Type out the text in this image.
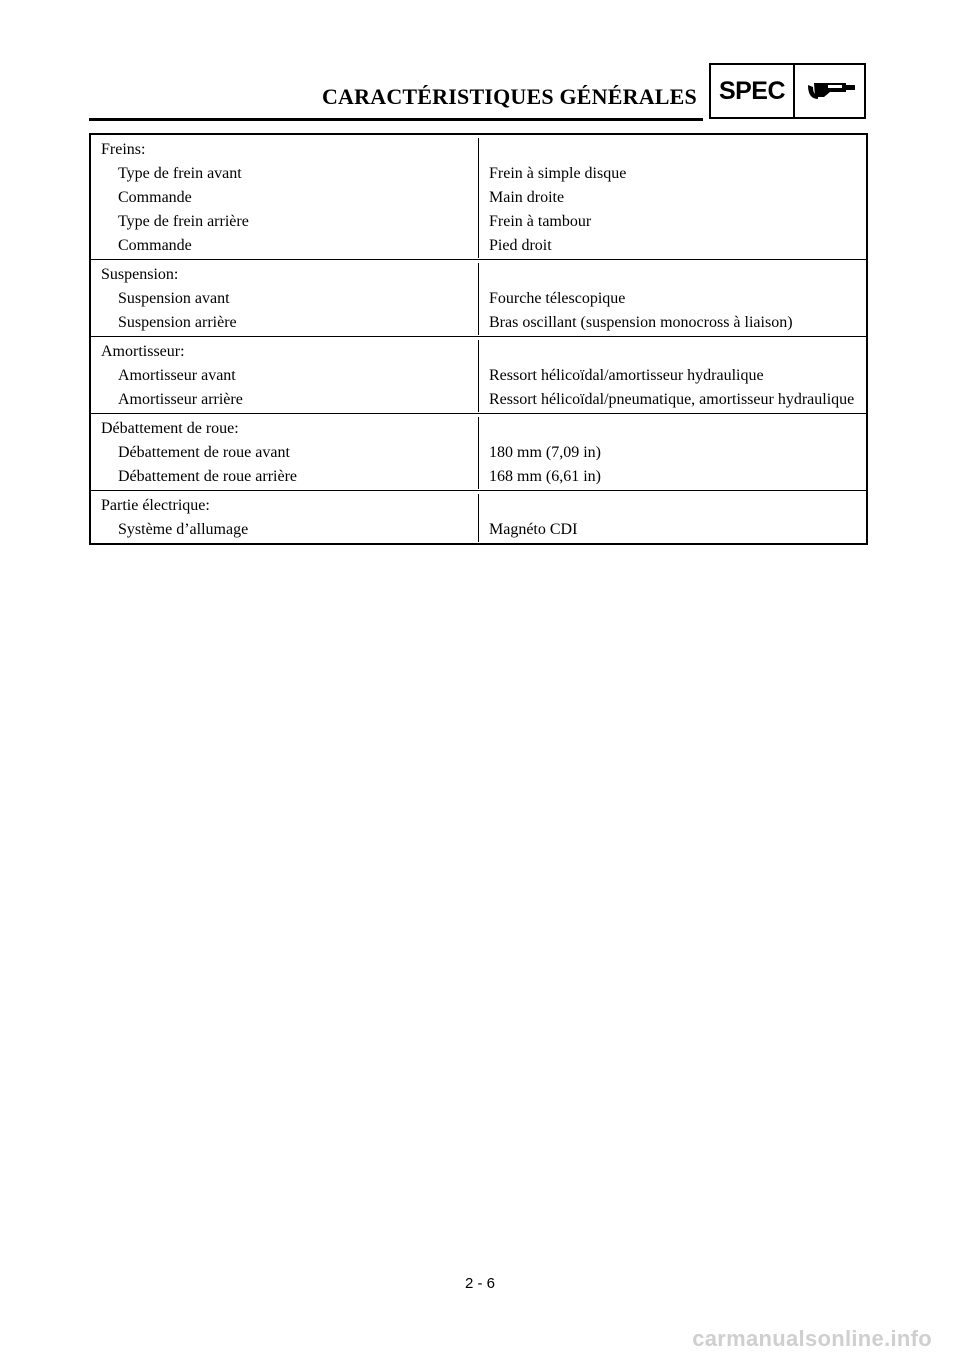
CARACTÉRISTIQUES GÉNÉRALES SPEC
Freins:
Type de frein avant	Frein à simple disque
Commande	Main droite
Type de frein arrière	Frein à tambour
Commande	Pied droit
Suspension:
Suspension avant	Fourche télescopique
Suspension arrière	Bras oscillant (suspension monocross à liaison)
Amortisseur:
Amortisseur avant	Ressort hélicoïdal/amortisseur hydraulique
Amortisseur arrière	Ressort hélicoïdal/pneumatique, amortisseur hydraulique
Débattement de roue:
Débattement de roue avant	180 mm (7,09 in)
Débattement de roue arrière	168 mm (6,61 in)
Partie électrique:
Système d’allumage	Magnéto CDI
2 - 6
carmanualsonline.info
